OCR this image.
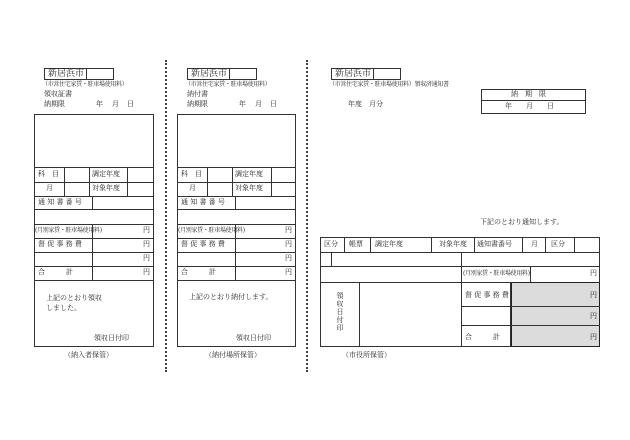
新居浜市
（市営住宅家賃・駐車場使用料）
領収証書
納期限	年 月 日
科　目	調定年度
月	対象年度
通 知 書 番 号
(月別家賃・駐車場使用料)	円
督 促 事 務 費	円
円
合　　　計	円
上記のとおり領収
しました。
領収日付印
（納入者保管）
新居浜市
（市営住宅家賃・駐車場使用料）
納付書
納期限	年 月 日
科　目	調定年度
月	対象年度
通 知 書 番 号
(月別家賃・駐車場使用料)	円
督 促 事 務 費	円
円
合　　　計	円
上記のとおり納付します。
領収日付印
（納付場所保管）
新居浜市
（市営住宅家賃・駐車場使用料）領収済通知書
年度　月分
納　期　限
年　　月　　日
下記のとおり通知します。
区分 帳票 調定年度	対象年度 通知書番号	月 区分
(月別家賃・駐車場使用料)	円
領収日付印	督 促 事 務 費	円
円
合　　　計	円
（市役所保管）
